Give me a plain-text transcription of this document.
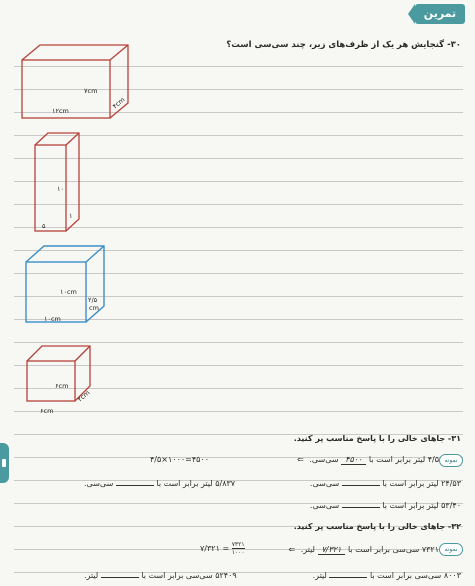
تمرین
۳۰- گنجایش هر یک از ظرف‌های زیر، چند سی‌سی است؟
۷cm
۴cm
۱۲cm
۱۰
۱
۵
۱۰cm
۲/۵
cm
۱۰cm
۶cm
۲cm
۶cm
۳۱- جاهای خالی را با پاسخ مناسب پر کنید.
نمونه
۴/۵ لیتر برابر است با ۴۵۰۰ سی‌سی. ⇐
۴/۵×۱۰۰۰=۴۵۰۰
۲۴/۵۳ لیتر برابر است با  سی‌سی.
۵/۸۳۷ لیتر برابر است با  سی‌سی.
۵۳/۴۰ لیتر برابر است با  سی‌سی.
۳۲- جاهای خالی را با پاسخ مناسب پر کنید.
نمونه
۷۳۲۱ سی‌سی برابر است با ۷/۳۲۱ لیتر. ⇐
۷/۳۲۱ = $\frac{۷۳۲۱}{۱۰۰۰}$
۸۰۰۳ سی‌سی برابر است با  لیتر.
۵۲۴۰۹ سی‌سی برابر است با  لیتر.
